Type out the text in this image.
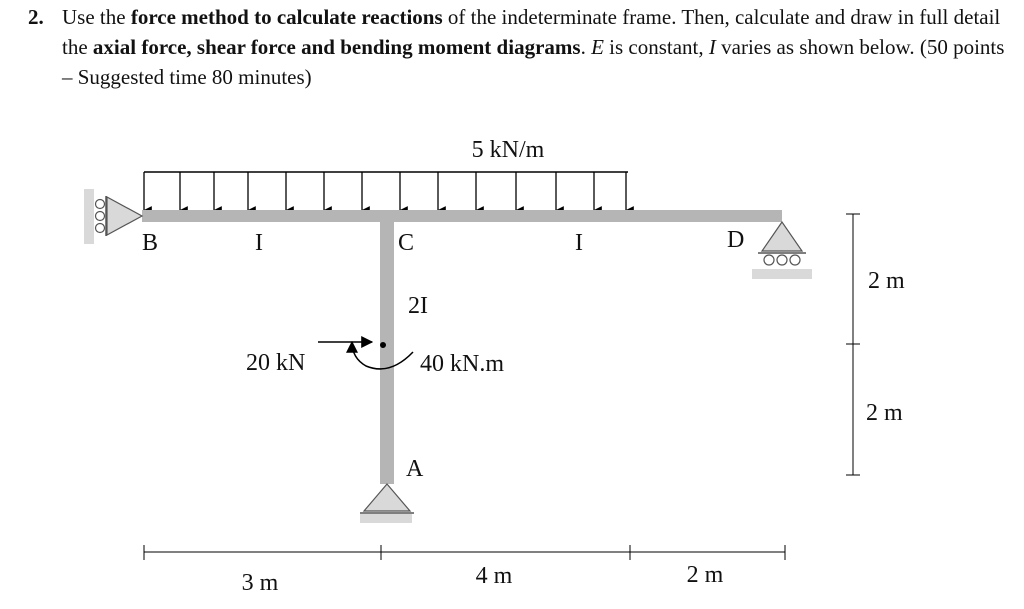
2. Use the force method to calculate reactions of the indeterminate frame. Then, calculate and draw in full detail the axial force, shear force and bending moment diagrams. E is constant, I varies as shown below. (50 points – Suggested time 80 minutes)
5 kN/m
B	C	D
A
I	I
2I
20 kN	40 kN.m
3 m	4 m	2 m
2 m
2 m
